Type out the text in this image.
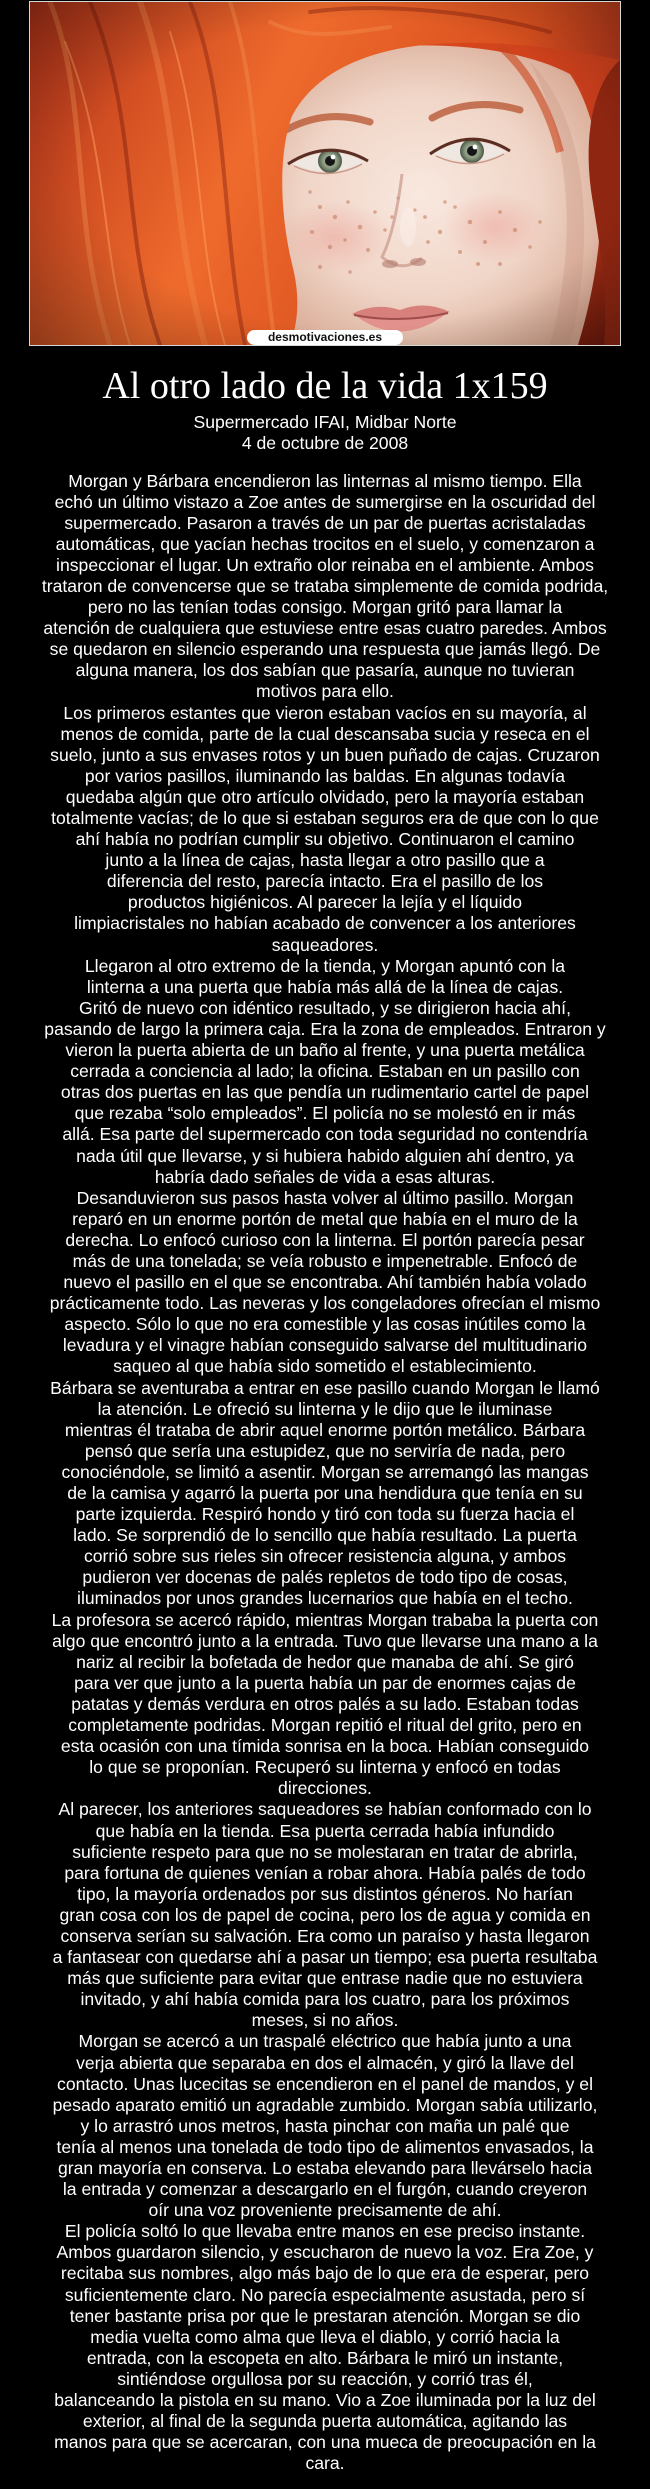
desmotivaciones.es
Al otro lado de la vida 1x159
Supermercado IFAI, Midbar Norte
4 de octubre de 2008
Morgan y Bárbara encendieron las linternas al mismo tiempo. Ella
echó un último vistazo a Zoe antes de sumergirse en la oscuridad del
supermercado. Pasaron a través de un par de puertas acristaladas
automáticas, que yacían hechas trocitos en el suelo, y comenzaron a
inspeccionar el lugar. Un extraño olor reinaba en el ambiente. Ambos
trataron de convencerse que se trataba simplemente de comida podrida,
pero no las tenían todas consigo. Morgan gritó para llamar la
atención de cualquiera que estuviese entre esas cuatro paredes. Ambos
se quedaron en silencio esperando una respuesta que jamás llegó. De
alguna manera, los dos sabían que pasaría, aunque no tuvieran
motivos para ello.
Los primeros estantes que vieron estaban vacíos en su mayoría, al
menos de comida, parte de la cual descansaba sucia y reseca en el
suelo, junto a sus envases rotos y un buen puñado de cajas. Cruzaron
por varios pasillos, iluminando las baldas. En algunas todavía
quedaba algún que otro artículo olvidado, pero la mayoría estaban
totalmente vacías; de lo que si estaban seguros era de que con lo que
ahí había no podrían cumplir su objetivo. Continuaron el camino
junto a la línea de cajas, hasta llegar a otro pasillo que a
diferencia del resto, parecía intacto. Era el pasillo de los
productos higiénicos. Al parecer la lejía y el líquido
limpiacristales no habían acabado de convencer a los anteriores
saqueadores.
Llegaron al otro extremo de la tienda, y Morgan apuntó con la
linterna a una puerta que había más allá de la línea de cajas.
Gritó de nuevo con idéntico resultado, y se dirigieron hacia ahí,
pasando de largo la primera caja. Era la zona de empleados. Entraron y
vieron la puerta abierta de un baño al frente, y una puerta metálica
cerrada a conciencia al lado; la oficina. Estaban en un pasillo con
otras dos puertas en las que pendía un rudimentario cartel de papel
que rezaba “solo empleados”. El policía no se molestó en ir más
allá. Esa parte del supermercado con toda seguridad no contendría
nada útil que llevarse, y si hubiera habido alguien ahí dentro, ya
habría dado señales de vida a esas alturas.
Desanduvieron sus pasos hasta volver al último pasillo. Morgan
reparó en un enorme portón de metal que había en el muro de la
derecha. Lo enfocó curioso con la linterna. El portón parecía pesar
más de una tonelada; se veía robusto e impenetrable. Enfocó de
nuevo el pasillo en el que se encontraba. Ahí también había volado
prácticamente todo. Las neveras y los congeladores ofrecían el mismo
aspecto. Sólo lo que no era comestible y las cosas inútiles como la
levadura y el vinagre habían conseguido salvarse del multitudinario
saqueo al que había sido sometido el establecimiento.
Bárbara se aventuraba a entrar en ese pasillo cuando Morgan le llamó
la atención. Le ofreció su linterna y le dijo que le iluminase
mientras él trataba de abrir aquel enorme portón metálico. Bárbara
pensó que sería una estupidez, que no serviría de nada, pero
conociéndole, se limitó a asentir. Morgan se arremangó las mangas
de la camisa y agarró la puerta por una hendidura que tenía en su
parte izquierda. Respiró hondo y tiró con toda su fuerza hacia el
lado. Se sorprendió de lo sencillo que había resultado. La puerta
corrió sobre sus rieles sin ofrecer resistencia alguna, y ambos
pudieron ver docenas de palés repletos de todo tipo de cosas,
iluminados por unos grandes lucernarios que había en el techo.
La profesora se acercó rápido, mientras Morgan trababa la puerta con
algo que encontró junto a la entrada. Tuvo que llevarse una mano a la
nariz al recibir la bofetada de hedor que manaba de ahí. Se giró
para ver que junto a la puerta había un par de enormes cajas de
patatas y demás verdura en otros palés a su lado. Estaban todas
completamente podridas. Morgan repitió el ritual del grito, pero en
esta ocasión con una tímida sonrisa en la boca. Habían conseguido
lo que se proponían. Recuperó su linterna y enfocó en todas
direcciones.
Al parecer, los anteriores saqueadores se habían conformado con lo
que había en la tienda. Esa puerta cerrada había infundido
suficiente respeto para que no se molestaran en tratar de abrirla,
para fortuna de quienes venían a robar ahora. Había palés de todo
tipo, la mayoría ordenados por sus distintos géneros. No harían
gran cosa con los de papel de cocina, pero los de agua y comida en
conserva serían su salvación. Era como un paraíso y hasta llegaron
a fantasear con quedarse ahí a pasar un tiempo; esa puerta resultaba
más que suficiente para evitar que entrase nadie que no estuviera
invitado, y ahí había comida para los cuatro, para los próximos
meses, si no años.
Morgan se acercó a un traspalé eléctrico que había junto a una
verja abierta que separaba en dos el almacén, y giró la llave del
contacto. Unas lucecitas se encendieron en el panel de mandos, y el
pesado aparato emitió un agradable zumbido. Morgan sabía utilizarlo,
y lo arrastró unos metros, hasta pinchar con maña un palé que
tenía al menos una tonelada de todo tipo de alimentos envasados, la
gran mayoría en conserva. Lo estaba elevando para llevárselo hacia
la entrada y comenzar a descargarlo en el furgón, cuando creyeron
oír una voz proveniente precisamente de ahí.
El policía soltó lo que llevaba entre manos en ese preciso instante.
Ambos guardaron silencio, y escucharon de nuevo la voz. Era Zoe, y
recitaba sus nombres, algo más bajo de lo que era de esperar, pero
suficientemente claro. No parecía especialmente asustada, pero sí
tener bastante prisa por que le prestaran atención. Morgan se dio
media vuelta como alma que lleva el diablo, y corrió hacia la
entrada, con la escopeta en alto. Bárbara le miró un instante,
sintiéndose orgullosa por su reacción, y corrió tras él,
balanceando la pistola en su mano. Vio a Zoe iluminada por la luz del
exterior, al final de la segunda puerta automática, agitando las
manos para que se acercaran, con una mueca de preocupación en la
cara.
